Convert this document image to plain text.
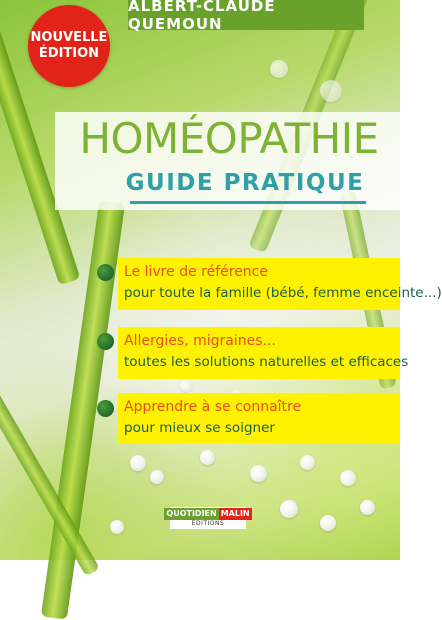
NOUVELLE
ÉDITION
ALBERT-CLAUDE QUEMOUN
HOMÉOPATHIE
GUIDE PRATIQUE
Le livre de référence
pour toute la famille (bébé, femme enceinte...)
Allergies, migraines...
toutes les solutions naturelles et efficaces
Apprendre à se connaître
pour mieux se soigner
QUOTIDIEN MALIN
ÉDITIONS
